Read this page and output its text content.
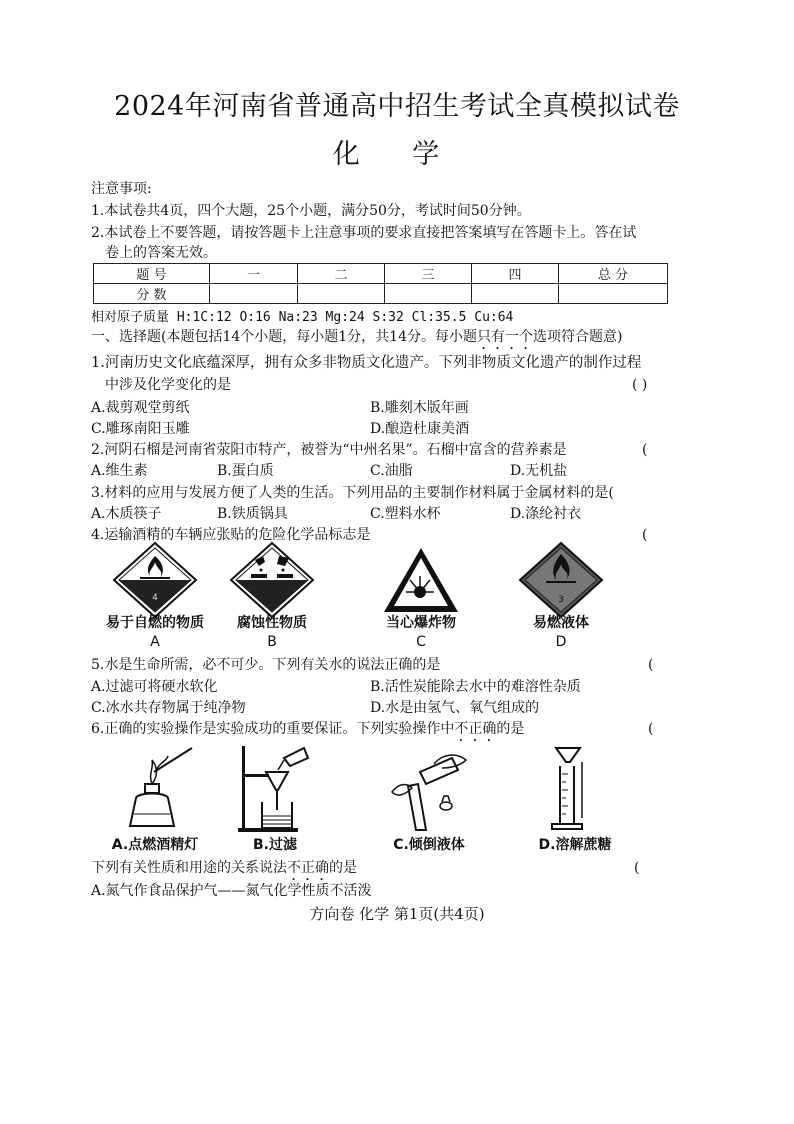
2024年河南省普通高中招生考试全真模拟试卷
化 学
注意事项:
1.本试卷共4页，四个大题，25个小题，满分50分，考试时间50分钟。
2.本试卷上不要答题，请按答题卡上注意事项的要求直接把答案填写在答题卡上。答在试
卷上的答案无效。
题 号	一	二	三	四	总 分
分 数					
相对原子质量 H:1C:12 O:16 Na:23 Mg:24 S:32 Cl:35.5 Cu:64
一、选择题(本题包括14个小题，每小题1分，共14分。每小题只有一个选项符合题意)
1.河南历史文化底蕴深厚，拥有众多非物质文化遗产。下列非物质文化遗产的制作过程
中涉及化学变化的是	( )
A.裁剪观堂剪纸	B.雕刻木版年画
C.雕琢南阳玉雕	D.酿造杜康美酒
2.河阴石榴是河南省荥阳市特产，被誉为“中州名果”。石榴中富含的营养素是	(
A.维生素	B.蛋白质	C.油脂	D.无机盐
3.材料的应用与发展方便了人类的生活。下列用品的主要制作材料属于金属材料的是(
A.木质筷子	B.铁质锅具	C.塑料水杯	D.涤纶衬衣
4.运输酒精的车辆应张贴的危险化学品标志是	(
4
易于自燃的物质
A
腐蚀性物质
B
当心爆炸物
C
3
易燃液体
D
5.水是生命所需，必不可少。下列有关水的说法正确的是	(
A.过滤可将硬水软化	B.活性炭能除去水中的难溶性杂质
C.冰水共存物属于纯净物	D.水是由氢气、氧气组成的
6.正确的实验操作是实验成功的重要保证。下列实验操作中不正确的是	(
A.点燃酒精灯	B.过滤	C.倾倒液体	D.溶解蔗糖
下列有关性质和用途的关系说法不正确的是	(
A.氮气作食品保护气——氮气化学性质不活泼
方向卷 化学 第1页(共4页)
